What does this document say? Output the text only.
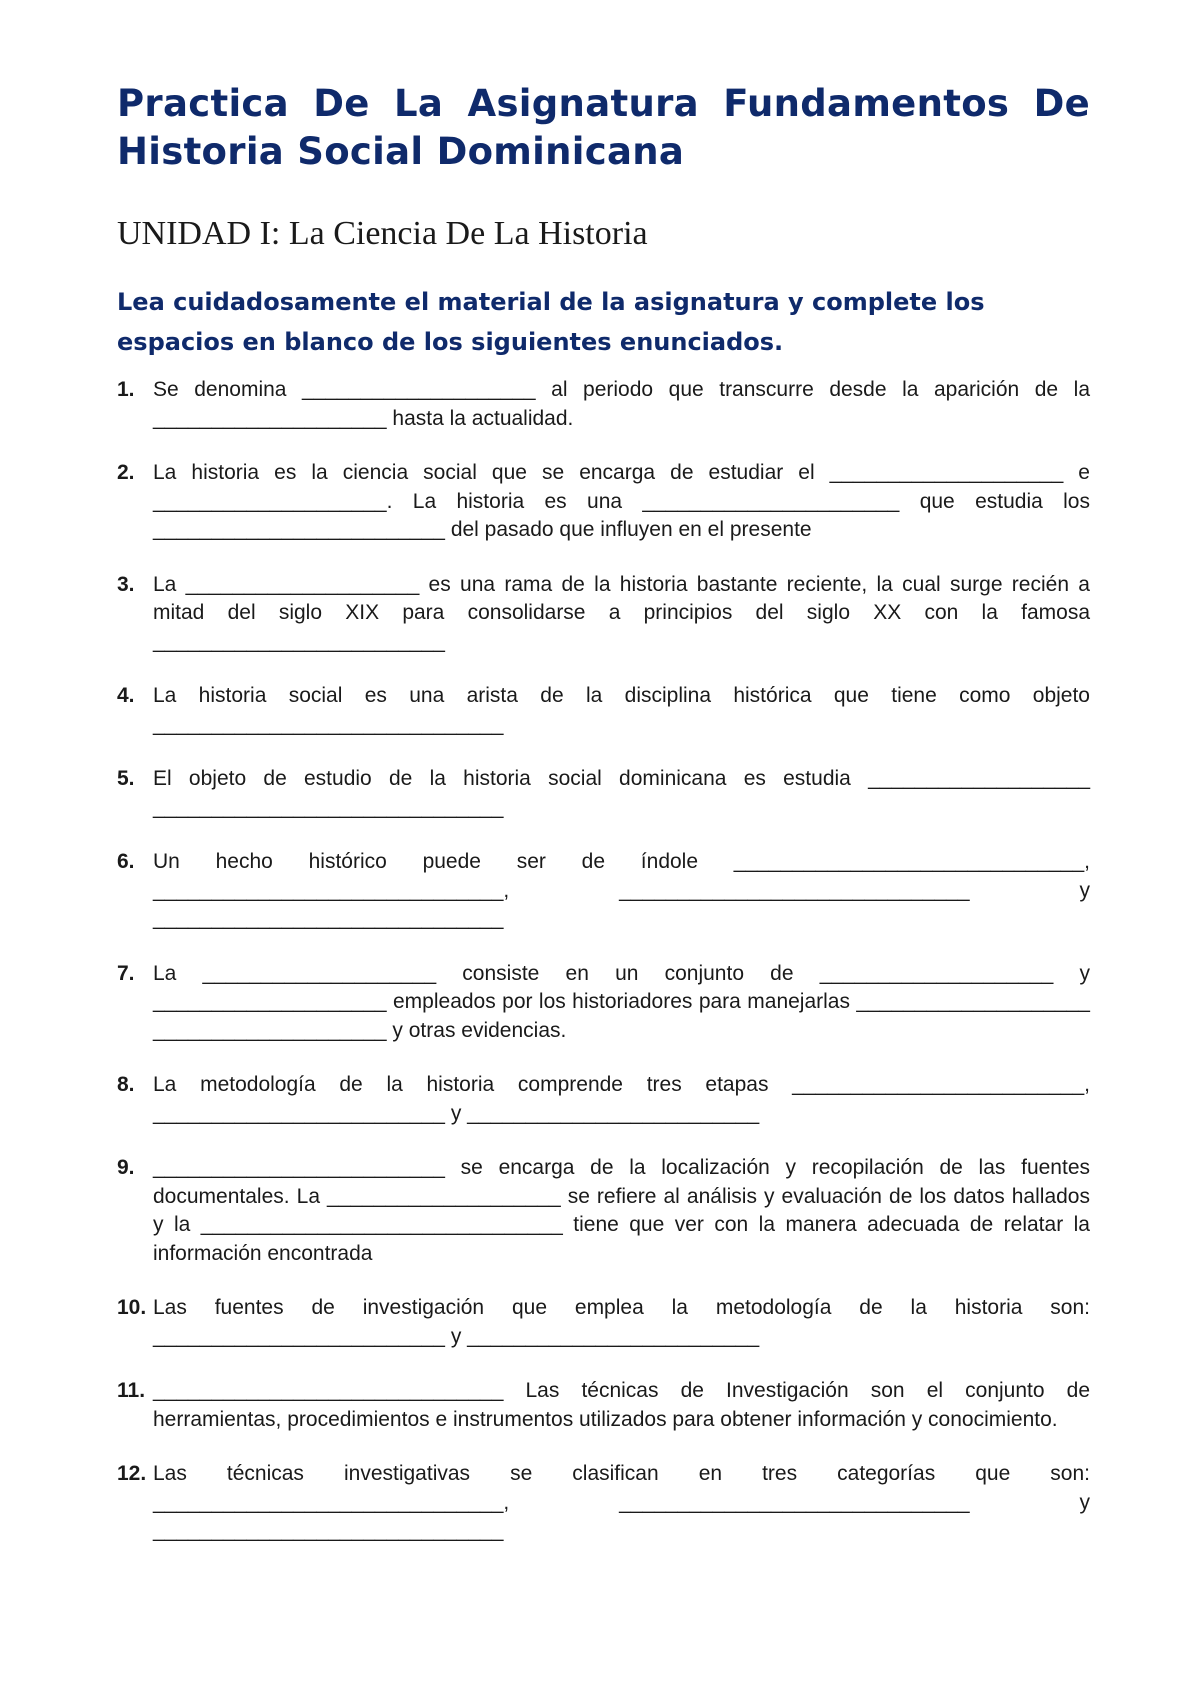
Practica De La Asignatura Fundamentos De Historia Social Dominicana
UNIDAD I: La Ciencia De La Historia
Lea cuidadosamente el material de la asignatura y complete los espacios en blanco de los siguientes enunciados.
1. Se denomina ____________________ al periodo que transcurre desde la aparición de la ____________________ hasta la actualidad.
2. La historia es la ciencia social que se encarga de estudiar el ____________________ e ____________________. La historia es una ______________________ que estudia los _________________________ del pasado que influyen en el presente
3. La ____________________ es una rama de la historia bastante reciente, la cual surge recién a mitad del siglo XIX para consolidarse a principios del siglo XX con la famosa _________________________
4. La historia social es una arista de la disciplina histórica que tiene como objeto ______________________________
5. El objeto de estudio de la historia social dominicana es estudia ___________________ ______________________________
6. Un hecho histórico puede ser de índole ______________________________, ______________________________, ______________________________ y ______________________________
7. La ____________________ consiste en un conjunto de ____________________ y ____________________ empleados por los historiadores para manejarlas ____________________ ____________________ y otras evidencias.
8. La metodología de la historia comprende tres etapas _________________________, _________________________ y _________________________
9. _________________________ se encarga de la localización y recopilación de las fuentes documentales. La ____________________ se refiere al análisis y evaluación de los datos hallados y la _______________________________ tiene que ver con la manera adecuada de relatar la información encontrada
10. Las fuentes de investigación que emplea la metodología de la historia son: _________________________ y _________________________
11. ______________________________ Las técnicas de Investigación son el conjunto de herramientas, procedimientos e instrumentos utilizados para obtener información y conocimiento.
12. Las técnicas investigativas se clasifican en tres categorías que son: ______________________________, ______________________________ y ______________________________
